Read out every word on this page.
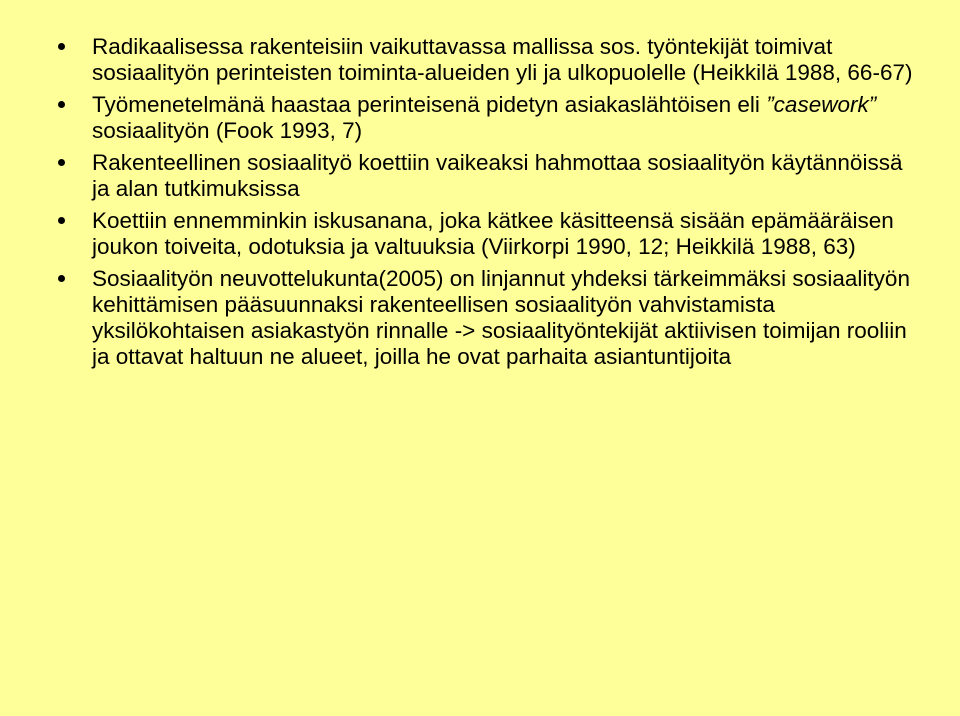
Radikaalisessa rakenteisiin vaikuttavassa mallissa sos. työntekijät toimivat sosiaalityön perinteisten toiminta-alueiden yli ja ulkopuolelle (Heikkilä 1988, 66-67)
Työmenetelmänä haastaa perinteisenä pidetyn asiakaslähtöisen eli ”casework” sosiaalityön (Fook 1993, 7)
Rakenteellinen sosiaalityö koettiin vaikeaksi hahmottaa sosiaalityön käytännöissä ja alan tutkimuksissa
Koettiin ennemminkin iskusanana, joka kätkee käsitteensä sisään epämääräisen joukon toiveita, odotuksia ja valtuuksia (Viirkorpi 1990, 12; Heikkilä 1988, 63)
Sosiaalityön neuvottelukunta(2005) on linjannut yhdeksi tärkeimmäksi sosiaalityön kehittämisen pääsuunnaksi rakenteellisen sosiaalityön vahvistamista yksilökohtaisen asiakastyön rinnalle -> sosiaalityöntekijät aktiivisen toimijan rooliin ja ottavat haltuun ne alueet, joilla he ovat parhaita asiantuntijoita
